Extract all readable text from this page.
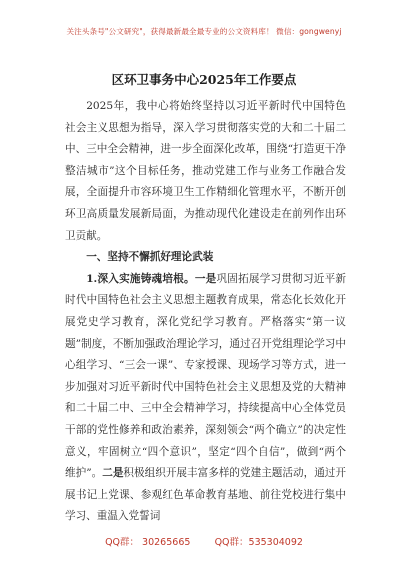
关注头条号"公文研究"，获得最新最全最专业的公文资料库！ 微信：gongwenyj
区环卫事务中心2025年工作要点

2025年，我中心将始终坚持以习近平新时代中国特色社会主义思想为指导，深入学习贯彻落实党的大和二十届二中、三中全会精神，进一步全面深化改革，围绕“打造更干净整洁城市”这个目标任务，推动党建工作与业务工作融合发展，全面提升市容环境卫生工作精细化管理水平，不断开创环卫高质量发展新局面，为推动现代化建设走在前列作出环卫贡献。

一、坚持不懈抓好理论武装

1.深入实施铸魂培根。一是巩固拓展学习贯彻习近平新时代中国特色社会主义思想主题教育成果，常态化长效化开展党史学习教育，深化党纪学习教育。严格落实“第一议题”制度，不断加强政治理论学习，通过召开党组理论学习中心组学习、“三会一课”、专家授课、现场学习等方式，进一步加强对习近平新时代中国特色社会主义思想及党的大精神和二十届二中、三中全会精神学习，持续提高中心全体党员干部的党性修养和政治素养，深刻领会“两个确立”的决定性意义，牢固树立“四个意识”，坚定“四个自信”，做到“两个维护”。二是积极组织开展丰富多样的党建主题活动，通过开展书记上党课、参观红色革命教育基地、前往党校进行集中学习、重温入党誓词

QQ群： 30265665        QQ群：535304092
